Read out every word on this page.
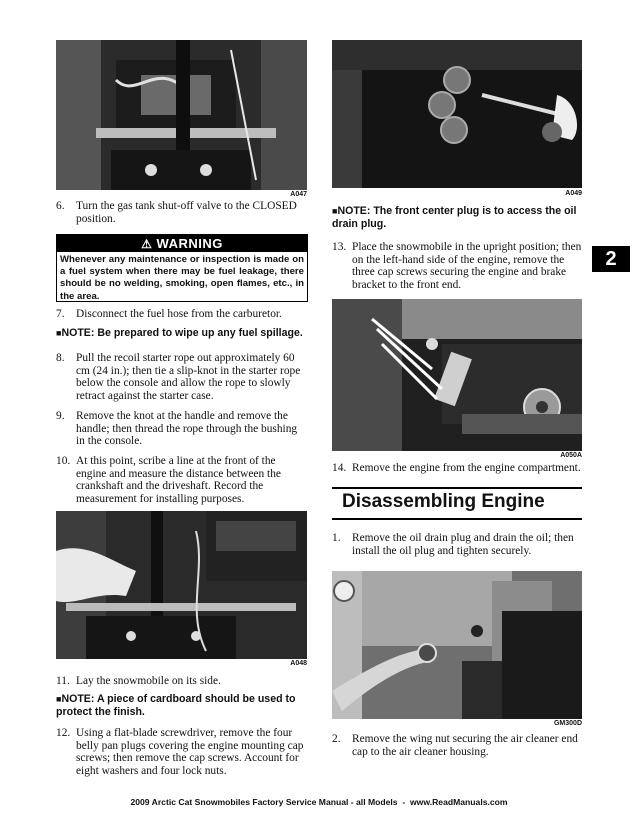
2
A047
6.	Turn the gas tank shut-off valve to the CLOSED position.
⚠ WARNING
Whenever any maintenance or inspection is made on a fuel system when there may be fuel leakage, there should be no welding, smoking, open flames, etc., in the area.
7.	Disconnect the fuel hose from the carburetor.
■NOTE: Be prepared to wipe up any fuel spillage.
8.	Pull the recoil starter rope out approximately 60 cm (24 in.); then tie a slip-knot in the starter rope below the console and allow the rope to slowly retract against the starter case.
9.	Remove the knot at the handle and remove the handle; then thread the rope through the bushing in the console.
10. At this point, scribe a line at the front of the engine and measure the distance between the crankshaft and the driveshaft. Record the measurement for installing purposes.
A048
11. Lay the snowmobile on its side.
■NOTE: A piece of cardboard should be used to protect the finish.
12. Using a flat-blade screwdriver, remove the four belly pan plugs covering the engine mounting cap screws; then remove the cap screws. Account for eight washers and four lock nuts.
A049
■NOTE: The front center plug is to access the oil drain plug.
13. Place the snowmobile in the upright position; then on the left-hand side of the engine, remove the three cap screws securing the engine and brake bracket to the front end.
A050A
14. Remove the engine from the engine compartment.
Disassembling Engine
1.	Remove the oil drain plug and drain the oil; then install the oil plug and tighten securely.
GM300D
2.	Remove the wing nut securing the air cleaner end cap to the air cleaner housing.
2009 Arctic Cat Snowmobiles Factory Service Manual - all Models  -  www.ReadManuals.com
